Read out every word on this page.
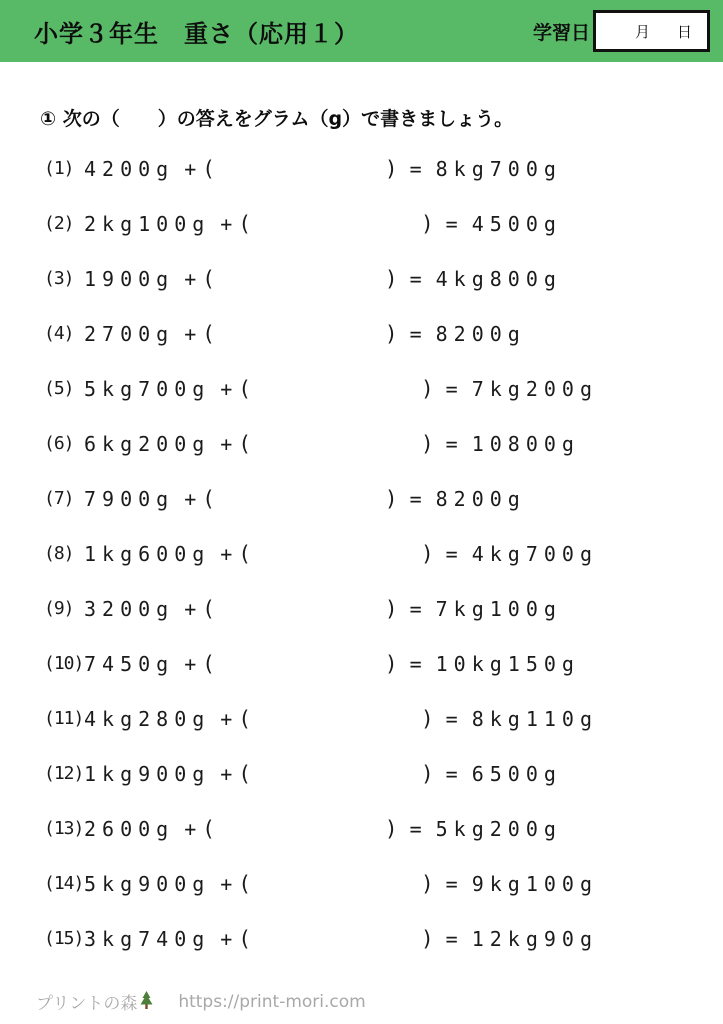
小学３年生　重さ（応用１）	学習日	月 日
① 次の（　　）の答えをグラム（g）で書きましょう。
(1) 4200g + (	) = 8kg700g
(2) 2kg100g + (	) = 4500g
(3) 1900g + (	) = 4kg800g
(4) 2700g + (	) = 8200g
(5) 5kg700g + (	) = 7kg200g
(6) 6kg200g + (	) = 10800g
(7) 7900g + (	) = 8200g
(8) 1kg600g + (	) = 4kg700g
(9) 3200g + (	) = 7kg100g
(10) 7450g + (	) = 10kg150g
(11) 4kg280g + (	) = 8kg110g
(12) 1kg900g + (	) = 6500g
(13) 2600g + (	) = 5kg200g
(14) 5kg900g + (	) = 9kg100g
(15) 3kg740g + (	) = 12kg90g
プリントの森 https://print-mori.com
